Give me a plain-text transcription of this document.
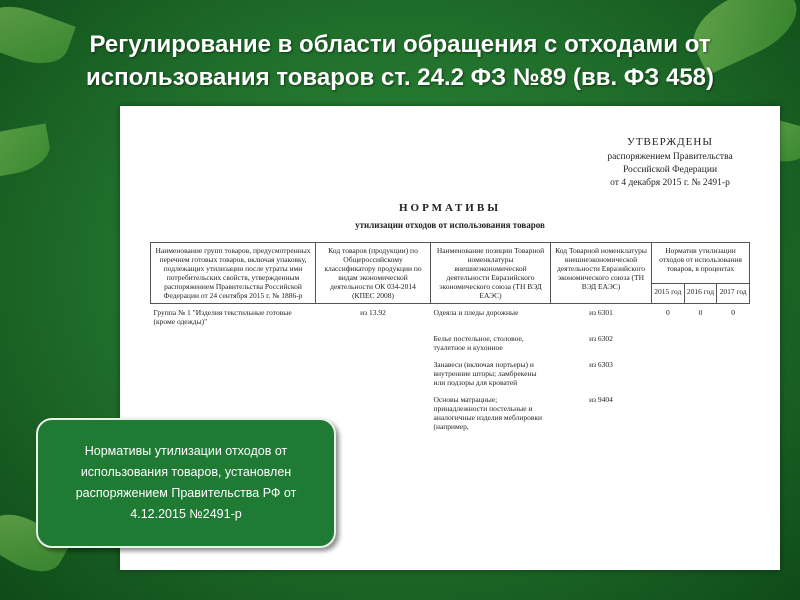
Регулирование в области обращения с отходами от использования товаров ст. 24.2 ФЗ №89 (вв. ФЗ 458)
УТВЕРЖДЕНЫ
распоряжением Правительства
Российской Федерации
от 4 декабря 2015 г. № 2491-р
НОРМАТИВЫ
утилизации отходов от использования товаров
Наименование групп товаров, предусмотренных перечнем готовых товаров, включая упаковку, подлежащих утилизации после утраты ими потребительских свойств, утвержденным распоряжением Правительства Российской Федерации от 24 сентября 2015 г. № 1886-р	Код товаров (продукции) по Общероссийскому классификатору продукции по видам экономической деятельности ОК 034-2014 (КПЕС 2008)	Наименование позиции Товарной номенклатуры внешнеэкономической деятельности Евразийского экономического союза (ТН ВЭД ЕАЭС)	Код Товарной номенклатуры внешнеэкономической деятельности Евразийского экономического союза (ТН ВЭД ЕАЭС)	Норматив утилизации отходов от использования товаров, в процентах		
				2015 год	2016 год	2017 год
Группа № 1 "Изделия текстильные готовые (кроме одежды)"	из 13.92	Одеяла и пледы дорожные	из 6301	0	0	0
		Белье постельное, столовое, туалетное и кухонное	из 6302			
		Занавеси (включая портьеры) и внутренние шторы; ламбрекены или подзоры для кроватей	из 6303			
		Основы матрацные; принадлежности постельные и аналогичные изделия меблировки (например,	из 9404			
Нормативы утилизации отходов от использования товаров, установлен распоряжением Правительства РФ от 4.12.2015 №2491-р
